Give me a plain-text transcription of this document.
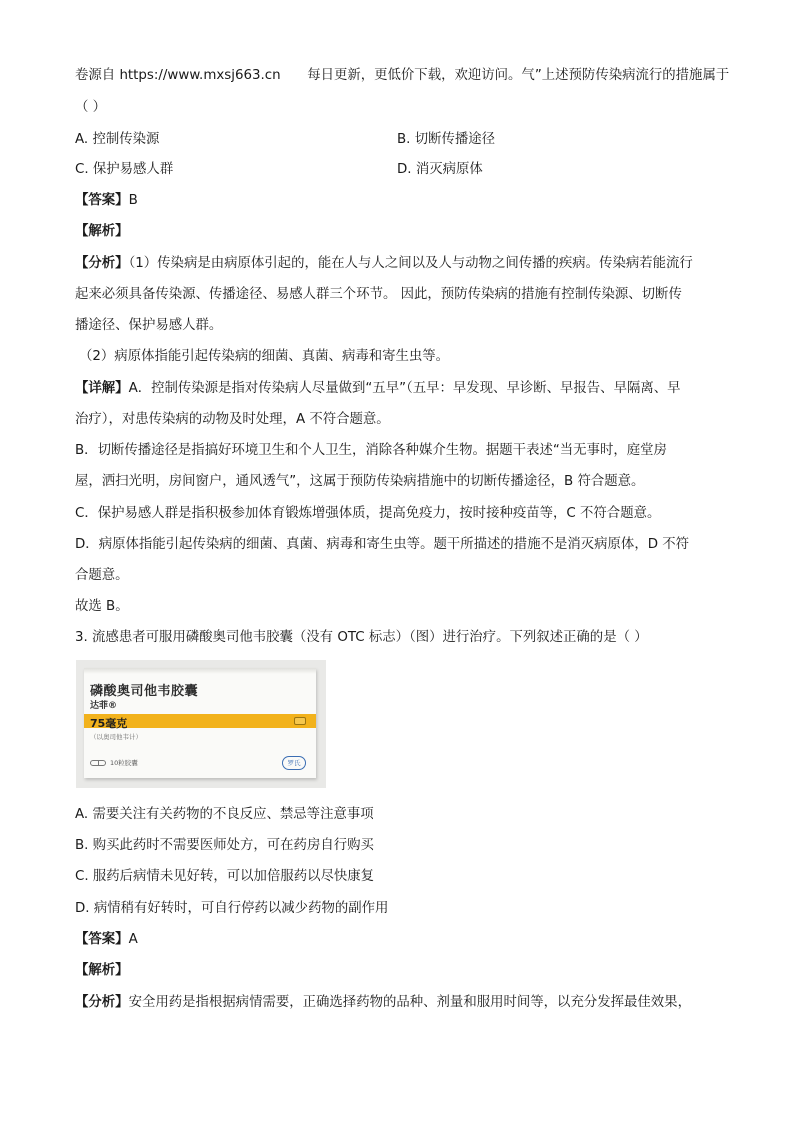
卷源自 https://www.mxsj663.cn 每日更新，更低价下载，欢迎访问。气”上述预防传染病流行的措施属于
（ ）
A. 控制传染源	B. 切断传播途径
C. 保护易感人群	D. 消灭病原体
【答案】B
【解析】
【分析】（1）传染病是由病原体引起的，能在人与人之间以及人与动物之间传播的疾病。传染病若能流行
起来必须具备传染源、传播途径、易感人群三个环节。 因此，预防传染病的措施有控制传染源、切断传
播途径、保护易感人群。
（2）病原体指能引起传染病的细菌、真菌、病毒和寄生虫等。
【详解】A．控制传染源是指对传染病人尽量做到“五早”（五早：早发现、早诊断、早报告、早隔离、早
治疗），对患传染病的动物及时处理，A 不符合题意。
B．切断传播途径是指搞好环境卫生和个人卫生，消除各种媒介生物。据题干表述“当无事时，庭堂房
屋，洒扫光明，房间窗户，通风透气”，这属于预防传染病措施中的切断传播途径，B 符合题意。
C．保护易感人群是指积极参加体育锻炼增强体质，提高免疫力，按时接种疫苗等，C 不符合题意。
D．病原体指能引起传染病的细菌、真菌、病毒和寄生虫等。题干所描述的措施不是消灭病原体，D 不符
合题意。
故选 B。
3. 流感患者可服用磷酸奥司他韦胶囊（没有 OTC 标志）（图）进行治疗。下列叙述正确的是（ ）
磷酸奥司他韦胶囊
达菲®
75毫克
（以奥司他韦计）
10粒胶囊	罗氏
A. 需要关注有关药物的不良反应、禁忌等注意事项
B. 购买此药时不需要医师处方，可在药房自行购买
C. 服药后病情未见好转，可以加倍服药以尽快康复
D. 病情稍有好转时，可自行停药以减少药物的副作用
【答案】A
【解析】
【分析】安全用药是指根据病情需要，正确选择药物的品种、剂量和服用时间等，以充分发挥最佳效果，
